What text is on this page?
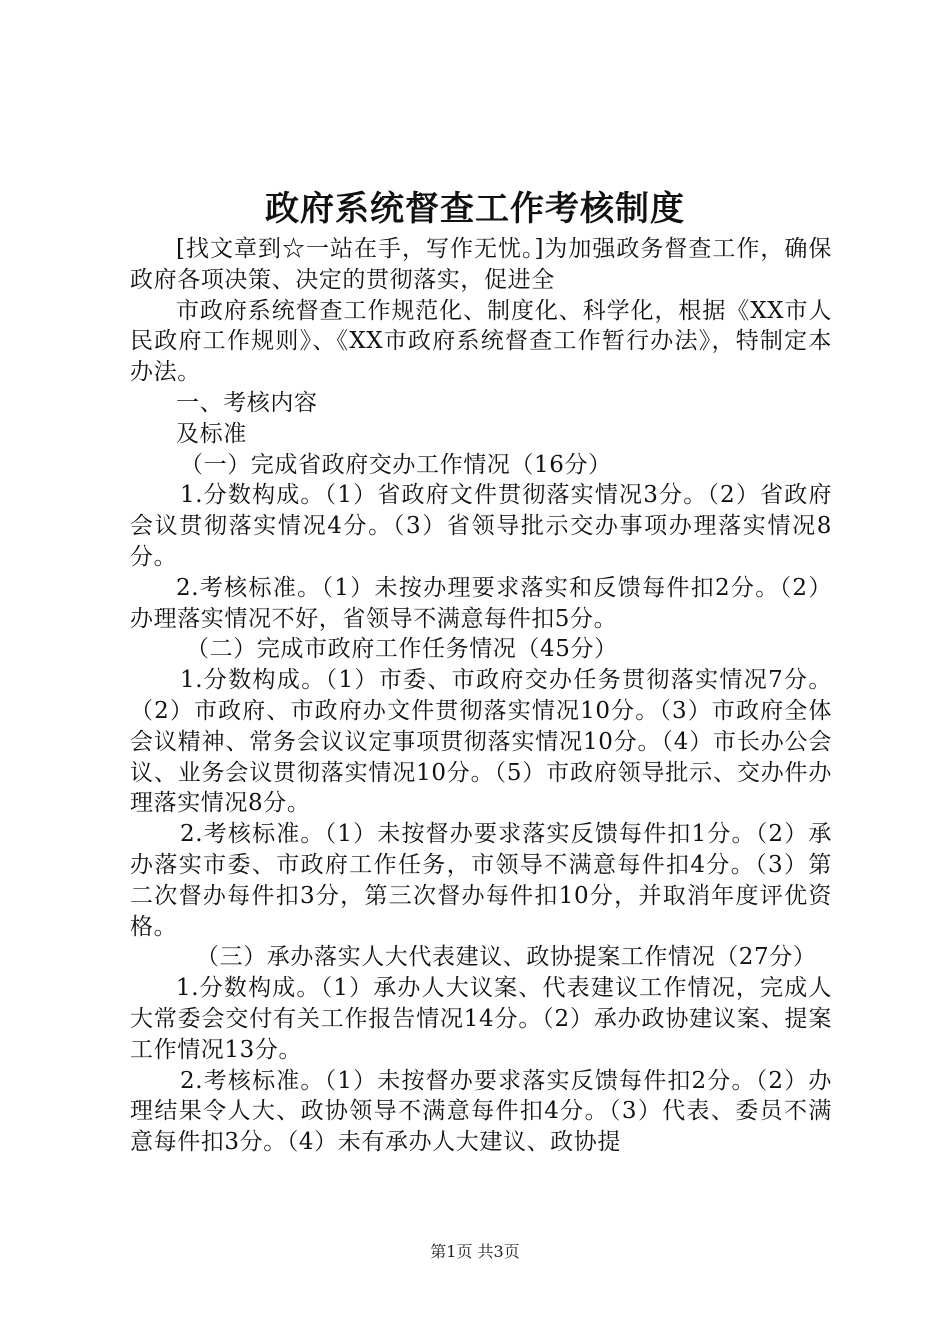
政府系统督查工作考核制度

[找文章到☆一站在手，写作无忧。]为加强政务督查工作，确保政府各项决策、决定的贯彻落实，促进全

市政府系统督查工作规范化、制度化、科学化，根据《XX市人民政府工作规则》、《XX市政府系统督查工作暂行办法》，特制定本办法。

一、考核内容

及标准

（一）完成省政府交办工作情况（16分）

1.分数构成。（1）省政府文件贯彻落实情况3分。（2）省政府会议贯彻落实情况4分。（3）省领导批示交办事项办理落实情况8分。

2.考核标准。（1）未按办理要求落实和反馈每件扣2分。（2）办理落实情况不好，省领导不满意每件扣5分。

（二）完成市政府工作任务情况（45分）

1.分数构成。（1）市委、市政府交办任务贯彻落实情况7分。（2）市政府、市政府办文件贯彻落实情况10分。（3）市政府全体会议精神、常务会议议定事项贯彻落实情况10分。（4）市长办公会议、业务会议贯彻落实情况10分。（5）市政府领导批示、交办件办理落实情况8分。

2.考核标准。（1）未按督办要求落实反馈每件扣1分。（2）承办落实市委、市政府工作任务，市领导不满意每件扣4分。（3）第二次督办每件扣3分，第三次督办每件扣10分，并取消年度评优资格。

（三）承办落实人大代表建议、政协提案工作情况（27分）

1.分数构成。（1）承办人大议案、代表建议工作情况，完成人大常委会交付有关工作报告情况14分。（2）承办政协建议案、提案工作情况13分。

2.考核标准。（1）未按督办要求落实反馈每件扣2分。（2）办理结果令人大、政协领导不满意每件扣4分。（3）代表、委员不满意每件扣3分。（4）未有承办人大建议、政协提

第1页 共3页
